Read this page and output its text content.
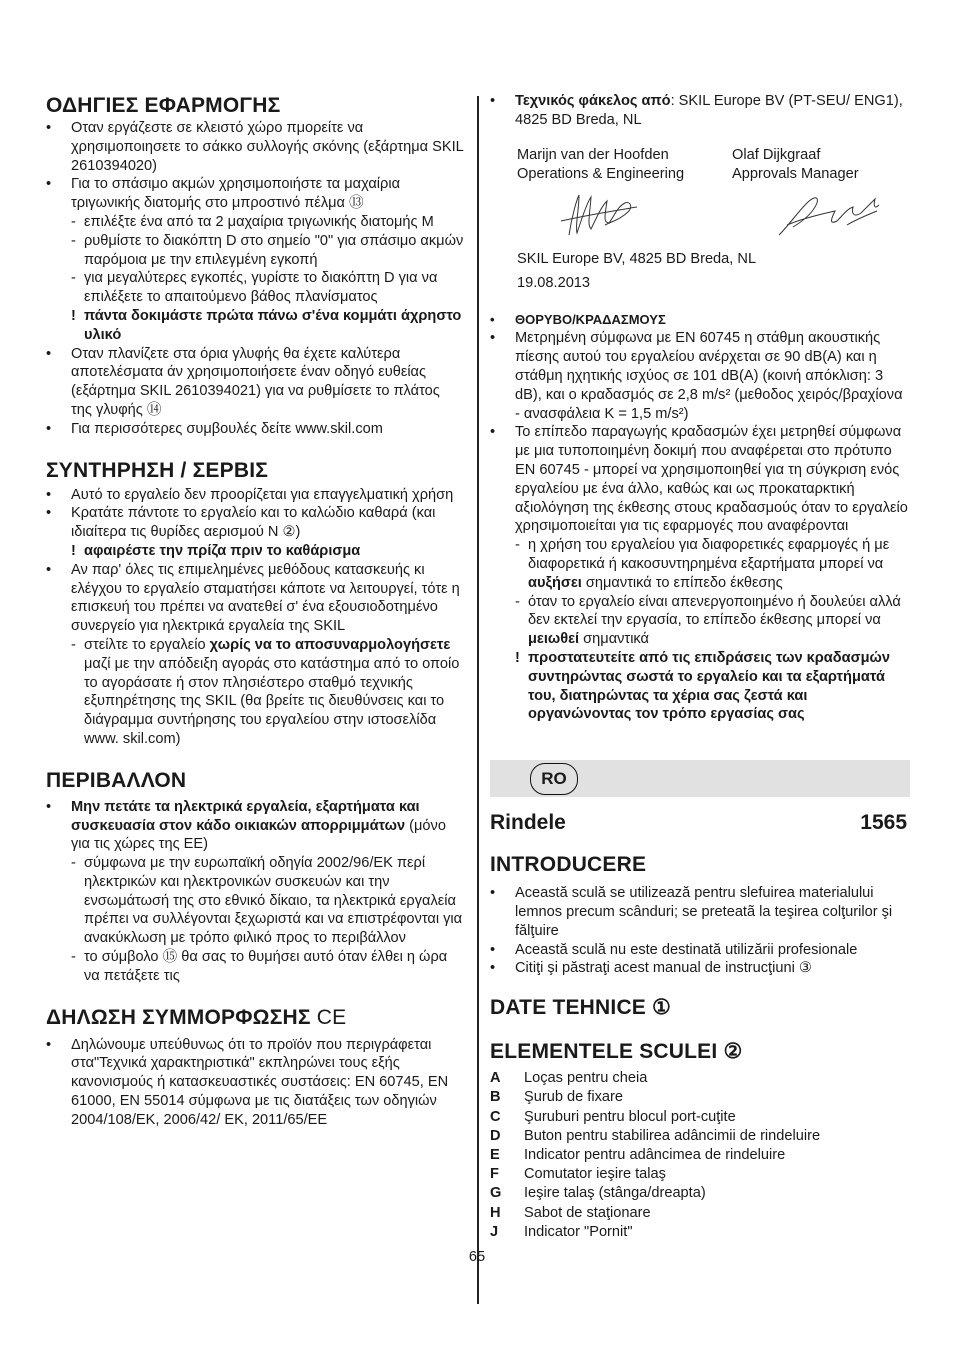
ΟΔΗΓΙΕΣ ΕΦΑΡΜΟΓΗΣ
• Οταν εργάζεστε σε κλειστό χώρο πμορείτε να χρησιμοποιησετε το σάκκο συλλογής σκόνης (εξάρτημα SKIL 2610394020)
• Για το σπάσιμο ακμών χρησιμοποιήστε τα μαχαίρια τριγωνικής διατομής στο μπροστινό πέλμα ⑬
- επιλέξτε ένα από τα 2 μαχαίρια τριγωνικής διατομής M
- ρυθμίστε το διακόπτη D στο σημείο "0" για σπάσιμο ακμών παρόμοια με την επιλεγμένη εγκοπή
- για μεγαλύτερες εγκοπές, γυρίστε το διακόπτη D για να επιλέξετε το απαιτούμενο βάθος πλανίσματος
! πάντα δοκιμάστε πρώτα πάνω σ'ένα κομμάτι άχρηστο υλικό
• Οταν πλανίζετε στα όρια γλυφής θα έχετε καλύτερα αποτελέσματα άν χρησιμοποιήσετε έναν οδηγό ευθείας (εξάρτημα SKIL 2610394021) για να ρυθμίσετε το πλάτος της γλυφής ⑭
• Για περισσότερες συμβουλές δείτε www.skil.com
ΣΥΝΤΗΡΗΣΗ / ΣΕΡΒΙΣ
• Αυτό το εργαλείο δεν προορίζεται για επαγγελματική χρήση
• Κρατάτε πάντοτε το εργαλείο και το καλώδιο καθαρά (και ιδιαίτερα τις θυρίδες αερισμού N ②)
! αφαιρέστε την πρίζα πριν το καθάρισμα
• Αν παρ' όλες τις επιμελημένες μεθόδους κατασκευής κι ελέγχου το εργαλείο σταματήσει κάποτε να λειτουργεί, τότε η επισκευή του πρέπει να ανατεθεί σ' ένα εξουσιοδοτημένο συνεργείο για ηλεκτρικά εργαλεία της SKIL
- στείλτε το εργαλείο χωρίς να το αποσυναρμολογήσετε μαζί με την απόδειξη αγοράς στο κατάστημα από το οποίο το αγοράσατε ή στον πλησιέστερο σταθμό τεχνικής εξυπηρέτησης της SKIL (θα βρείτε τις διευθύνσεις και το διάγραμμα συντήρησης του εργαλείου στην ιστοσελίδα www. skil.com)
ΠΕΡΙΒΑΛΛΟΝ
• Μην πετάτε τα ηλεκτρικά εργαλεία, εξαρτήματα και συσκευασία στον κάδο οικιακών απορριμμάτων (μόνο για τις χώρες της ΕΕ)
- σύμφωνα με την ευρωπαϊκή οδηγία 2002/96/ΕΚ περί ηλεκτρικών και ηλεκτρονικών συσκευών και την ενσωμάτωσή της στο εθνικό δίκαιο, τα ηλεκτρικά εργαλεία πρέπει να συλλέγονται ξεχωριστά και να επιστρέφονται για ανακύκλωση με τρόπο φιλικό προς το περιβάλλον
- το σύμβολο ⑮ θα σας το θυμήσει αυτό όταν έλθει η ώρα να πετάξετε τις
ΔΗΛΩΣΗ ΣΥΜΜΟΡΦΩΣΗΣ CE
• Δηλώνουμε υπεύθυνως ότι το προϊόν που περιγράφεται στα"Τεχνικά χαρακτηριστικά" εκπληρώνει τους εξής κανονισμούς ή κατασκευαστικές συστάσεις: EN 60745, EN 61000, EN 55014 σύμφωνα με τις διατάξεις των οδηγιών 2004/108/ΕΚ, 2006/42/ ΕΚ, 2011/65/ΕΕ
• Τεχνικός φάκελος από: SKIL Europe BV (PT-SEU/ ENG1), 4825 BD Breda, NL
Marijn van der Hoofden	Olaf Dijkgraaf
Operations & Engineering	Approvals Manager
SKIL Europe BV, 4825 BD Breda, NL
19.08.2013
• ΘΟΡΥΒΟ/ΚΡΑΔΑΣΜΟΥΣ
• Μετρημένη σύμφωνα με EN 60745 η στάθμη ακουστικής πίεσης αυτού του εργαλείου ανέρχεται σε 90 dB(A) και η στάθμη ηχητικής ισχύος σε 101 dB(A) (κοινή απόκλιση: 3 dB), και ο κραδασμός σε 2,8 m/s² (μεθοδος χειρός/βραχίονα - ανασφάλεια K = 1,5 m/s²)
• Το επίπεδο παραγωγής κραδασμών έχει μετρηθεί σύμφωνα με μια τυποποιημένη δοκιμή που αναφέρεται στο πρότυπο EN 60745 - μπορεί να χρησιμοποιηθεί για τη σύγκριση ενός εργαλείου με ένα άλλο, καθώς και ως προκαταρκτική αξιολόγηση της έκθεσης στους κραδασμούς όταν το εργαλείο χρησιμοποιείται για τις εφαρμογές που αναφέρονται
- η χρήση του εργαλείου για διαφορετικές εφαρμογές ή με διαφορετικά ή κακοσυντηρημένα εξαρτήματα μπορεί να αυξήσει σημαντικά το επίπεδο έκθεσης
- όταν το εργαλείο είναι απενεργοποιημένο ή δουλεύει αλλά δεν εκτελεί την εργασία, το επίπεδο έκθεσης μπορεί να μειωθεί σημαντικά
! προστατευτείτε από τις επιδράσεις των κραδασμών συντηρώντας σωστά το εργαλείο και τα εξαρτήματά του, διατηρώντας τα χέρια σας ζεστά και οργανώνοντας τον τρόπο εργασίας σας
RO
Rindele	1565
INTRODUCERE
• Această sculă se utilizează pentru slefuirea materialului lemnos precum scânduri; se preteatã la teşirea colţurilor şi fălţuire
• Această sculă nu este destinată utilizării profesionale
• Citiţi şi păstraţi acest manual de instrucţiuni ③
DATE TEHNICE ①
ELEMENTELE SCULEI ②
A	Loças pentru cheia
B	Şurub de fixare
C	Şuruburi pentru blocul port-cuţite
D	Buton pentru stabilirea adâncimii de rindeluire
E	Indicator pentru adâncimea de rindeluire
F	Comutator ieşire talaş
G	Ieşire talaş (stânga/dreapta)
H	Sabot de staţionare
J	Indicator "Pornit"
65
